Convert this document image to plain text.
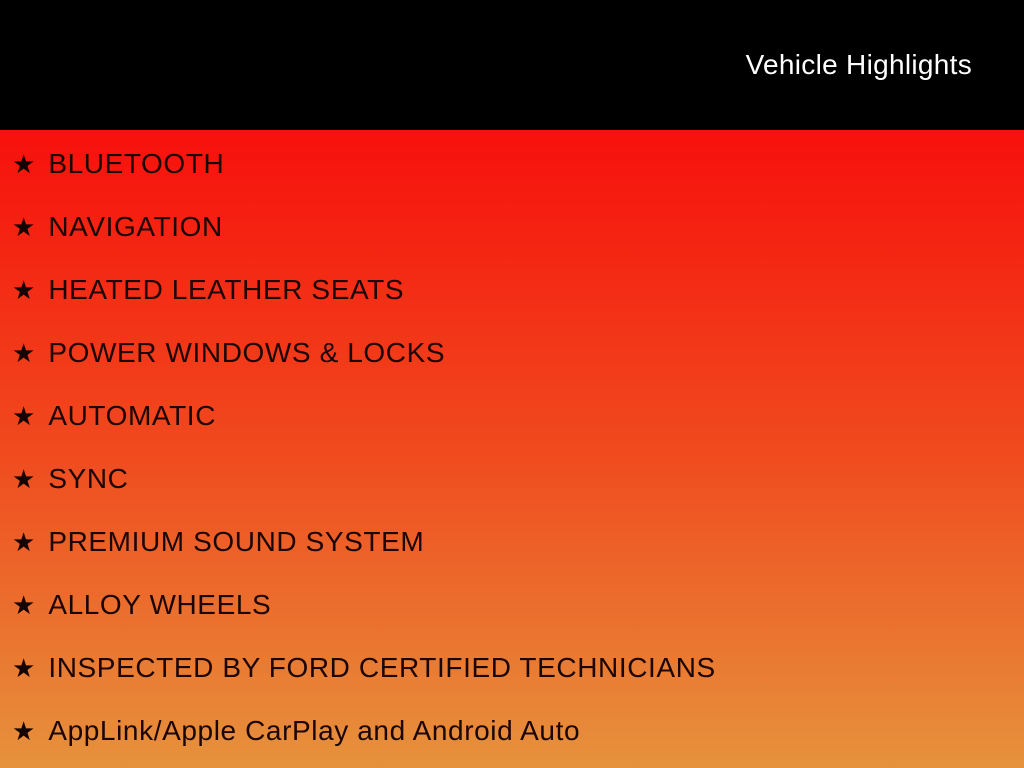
Vehicle Highlights
★ BLUETOOTH
★ NAVIGATION
★ HEATED LEATHER SEATS
★ POWER WINDOWS & LOCKS
★ AUTOMATIC
★ SYNC
★ PREMIUM SOUND SYSTEM
★ ALLOY WHEELS
★ INSPECTED BY FORD CERTIFIED TECHNICIANS
★ AppLink/Apple CarPlay and Android Auto
